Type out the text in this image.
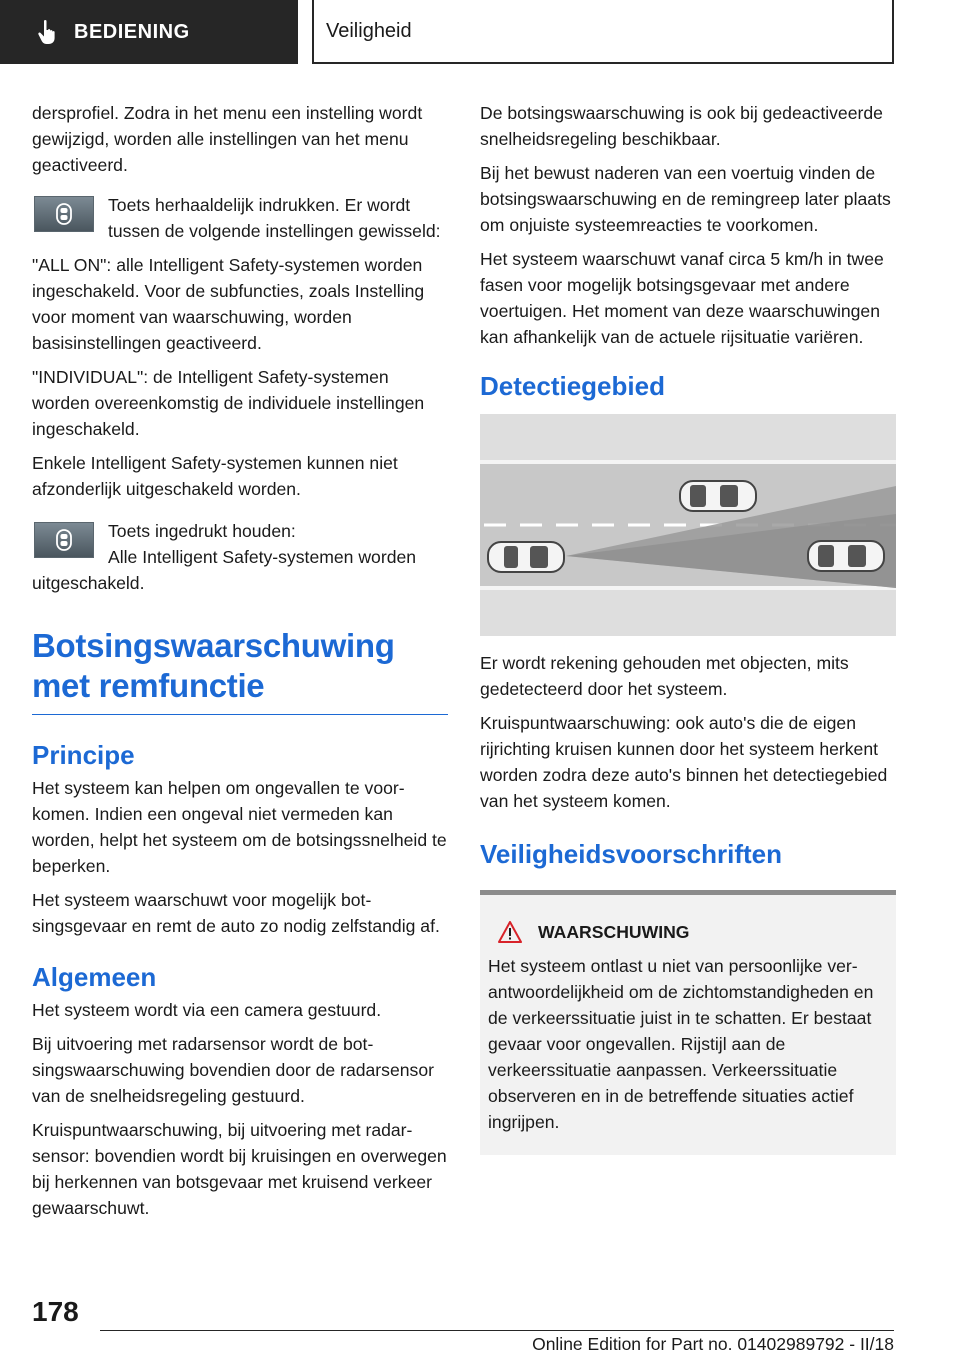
BEDIENING	Veiligheid

dersprofiel. Zodra in het menu een instelling wordt gewijzigd, worden alle instellingen van het menu geactiveerd.

Toets herhaaldelijk indrukken. Er wordt tussen de volgende instellingen gewisseld:

"ALL ON": alle Intelligent Safety-systemen worden ingeschakeld. Voor de subfuncties, zoals Instelling voor moment van waarschuwing, worden basisinstellingen geactiveerd.

"INDIVIDUAL": de Intelligent Safety-systemen worden overeenkomstig de individuele instellingen ingeschakeld.

Enkele Intelligent Safety-systemen kunnen niet afzonderlijk uitgeschakeld worden.

Toets ingedrukt houden:
Alle Intelligent Safety-systemen worden uitgeschakeld.

Botsingswaarschuwing met remfunctie
Principe

Het systeem kan helpen om ongevallen te voorkomen. Indien een ongeval niet vermeden kan worden, helpt het systeem om de botsingssnelheid te beperken.

Het systeem waarschuwt voor mogelijk botsingsgevaar en remt de auto zo nodig zelfstandig af.

Algemeen

Het systeem wordt via een camera gestuurd.

Bij uitvoering met radarsensor wordt de botsingswaarschuwing bovendien door de radarsensor van de snelheidsregeling gestuurd.

Kruispuntwaarschuwing, bij uitvoering met radarsensor: bovendien wordt bij kruisingen en overwegen bij herkennen van botsgevaar met kruisend verkeer gewaarschuwt.

De botsingswaarschuwing is ook bij gedeactiveerde snelheidsregeling beschikbaar.

Bij het bewust naderen van een voertuig vinden de botsingswaarschuwing en de remingreep later plaats om onjuiste systeemreacties te voorkomen.

Het systeem waarschuwt vanaf circa 5 km/h in twee fasen voor mogelijk botsingsgevaar met andere voertuigen. Het moment van deze waarschuwingen kan afhankelijk van de actuele rijsituatie variëren.

Detectiegebied

Er wordt rekening gehouden met objecten, mits gedetecteerd door het systeem.

Kruispuntwaarschuwing: ook auto's die de eigen rijrichting kruisen kunnen door het systeem herkent worden zodra deze auto's binnen het detectiegebied van het systeem komen.

Veiligheidsvoorschriften
WAARSCHUWING

Het systeem ontlast u niet van persoonlijke verantwoordelijkheid om de zichtomstandigheden en de verkeerssituatie juist in te schatten. Er bestaat gevaar voor ongevallen. Rijstijl aan de verkeerssituatie aanpassen. Verkeerssituatie observeren en in de betreffende situaties actief ingrijpen.

178
Online Edition for Part no. 01402989792 - II/18
